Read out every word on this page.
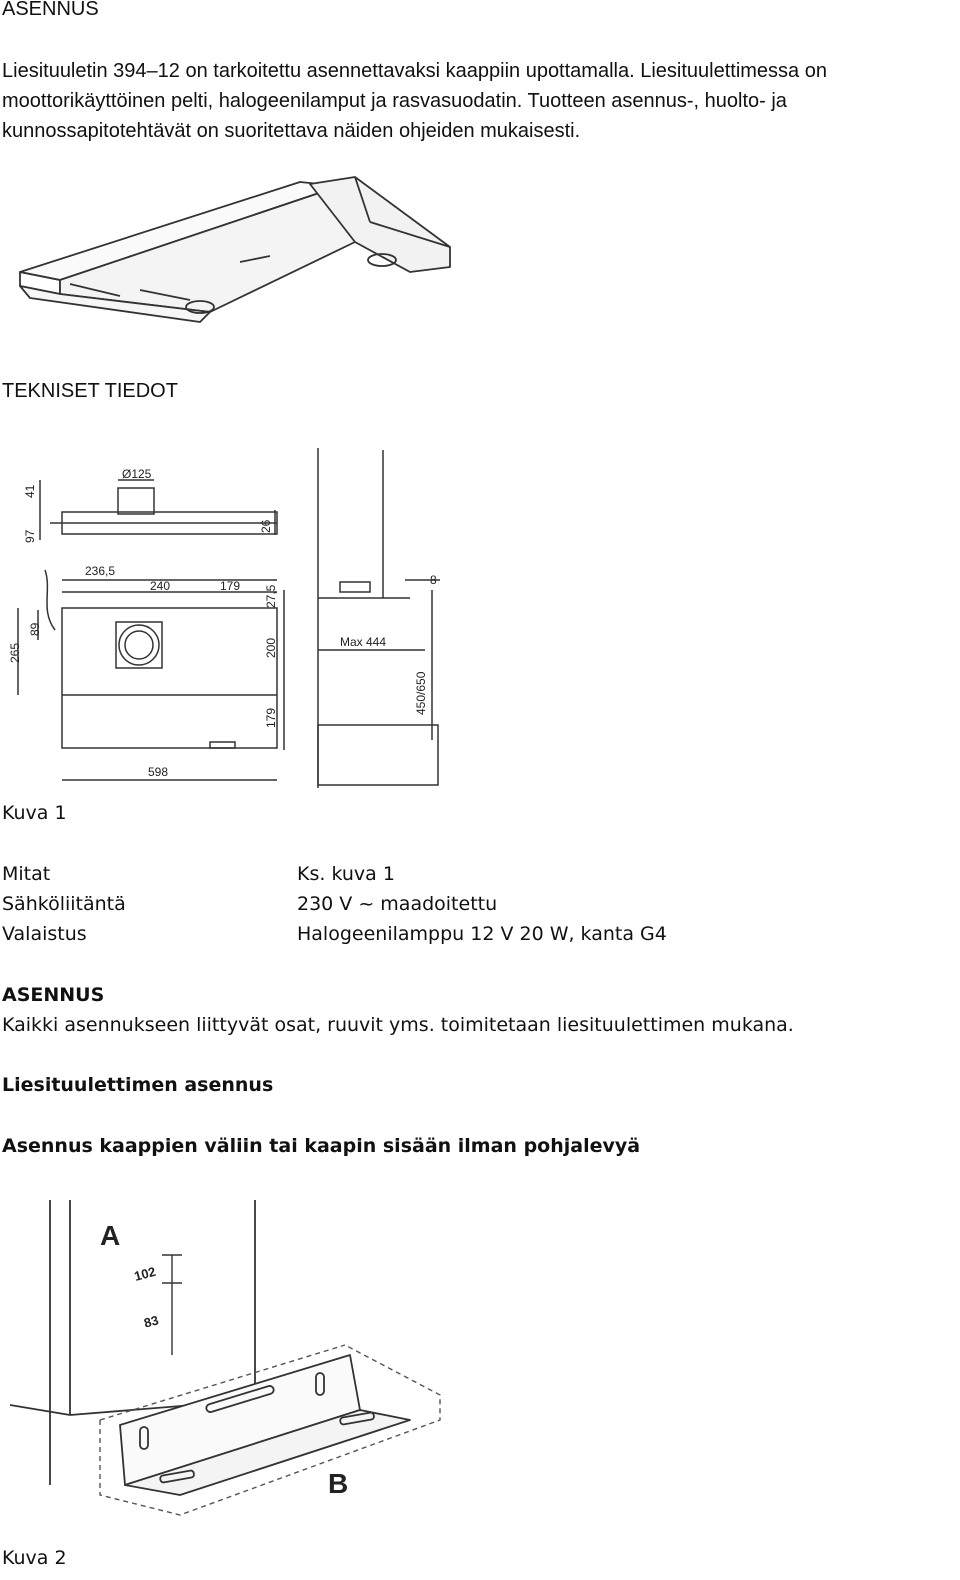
ASENNUS

Liesituuletin 394–12 on tarkoitettu asennettavaksi kaappiin upottamalla. Liesituulettimessa on

moottorikäyttöinen pelti, halogeenilamput ja rasvasuodatin. Tuotteen asennus-, huolto- ja

kunnossapitotehtävät on suoritettava näiden ohjeiden mukaisesti.

TEKNISET TIEDOT
Ø125
41
97
26
236,5
240	179 27,5
89
265	200
179
598
8
Max 444
450/650
Kuva 1
Mitat	Ks. kuva 1
Sähköliitäntä	230 V ~ maadoitettu
Valaistus	Halogeenilamppu 12 V 20 W, kanta G4
ASENNUS
Kaikki asennukseen liittyvät osat, ruuvit yms. toimitetaan liesituulettimen mukana.
Liesituulettimen asennus
Asennus kaappien väliin tai kaapin sisään ilman pohjalevyä
A
B
102
83
Kuva 2
